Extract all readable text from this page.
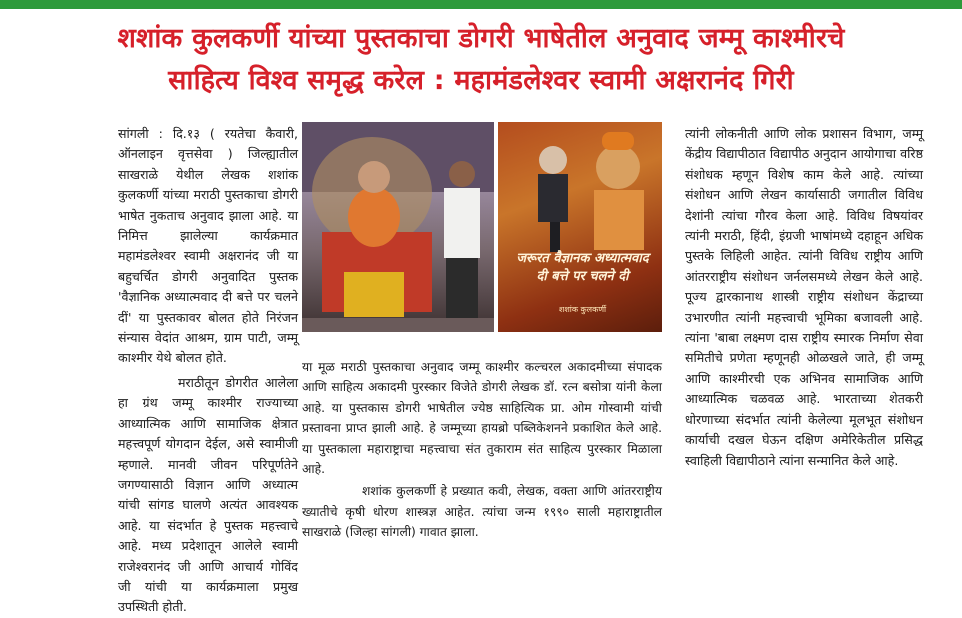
शशांक कुलकर्णी यांच्या पुस्तकाचा डोगरी भाषेतील अनुवाद जम्मू काश्मीरचे
साहित्य विश्व समृद्ध करेल : महामंडलेश्वर स्वामी अक्षरानंद गिरी

सांगली : दि.१३ ( रयतेचा कैवारी, ऑनलाइन वृत्तसेवा ) जिल्ह्यातील साखराळे येथील लेखक शशांक कुलकर्णी यांच्या मराठी पुस्तकाचा डोगरी भाषेत नुकताच अनुवाद झाला आहे. या निमित्त झालेल्या कार्यक्रमात महामंडलेश्वर स्वामी अक्षरानंद जी या बहुचर्चित डोगरी अनुवादित पुस्तक 'वैज्ञानिक अध्यात्मवाद दी बत्ते पर चलने दीं' या पुस्तकावर बोलत होते निरंजन संन्यास वेदांत आश्रम, ग्राम पाटी, जम्मू काश्मीर येथे बोलत होते.

मराठीतून डोगरीत आलेला हा ग्रंथ जम्मू काश्मीर राज्याच्या आध्यात्मिक आणि सामाजिक क्षेत्रात महत्त्वपूर्ण योगदान देईल, असे स्वामीजी म्हणाले. मानवी जीवन परिपूर्णतेने जगण्यासाठी विज्ञान आणि अध्यात्म यांची सांगड घालणे अत्यंत आवश्यक आहे. या संदर्भात हे पुस्तक महत्त्वाचे आहे. मध्य प्रदेशातून आलेले स्वामी राजेश्वरानंद जी आणि आचार्य गोविंद जी यांची या कार्यक्रमाला प्रमुख उपस्थिती होती.

जरूरत वैज्ञानक अध्यात्मवाद दी बत्ते पर चलने दी
शशांक कुलकर्णी

या मूळ मराठी पुस्तकाचा अनुवाद जम्मू काश्मीर कल्चरल अकादमीच्या संपादक आणि साहित्य अकादमी पुरस्कार विजेते डोगरी लेखक डॉ. रत्न बसोत्रा यांनी केला आहे. या पुस्तकास डोगरी भाषेतील ज्येष्ठ साहित्यिक प्रा. ओम गोस्वामी यांची प्रस्तावना प्राप्त झाली आहे. हे जम्मूच्या हायब्रो पब्लिकेशनने प्रकाशित केले आहे. या पुस्तकाला महाराष्ट्राचा महत्त्वाचा संत तुकाराम संत साहित्य पुरस्कार मिळाला आहे.

शशांक कुलकर्णी हे प्रख्यात कवी, लेखक, वक्ता आणि आंतरराष्ट्रीय ख्यातीचे कृषी धोरण शास्त्रज्ञ आहेत. त्यांचा जन्म १९९० साली महाराष्ट्रातील साखराळे (जिल्हा सांगली) गावात झाला.

त्यांनी लोकनीती आणि लोक प्रशासन विभाग, जम्मू केंद्रीय विद्यापीठात विद्यापीठ अनुदान आयोगाचा वरिष्ठ संशोधक म्हणून विशेष काम केले आहे. त्यांच्या संशोधन आणि लेखन कार्यासाठी जगातील विविध देशांनी त्यांचा गौरव केला आहे. विविध विषयांवर त्यांनी मराठी, हिंदी, इंग्रजी भाषांमध्ये दहाहून अधिक पुस्तके लिहिली आहेत. त्यांनी विविध राष्ट्रीय आणि आंतरराष्ट्रीय संशोधन जर्नलसमध्ये लेखन केले आहे. पूज्य द्वारकानाथ शास्त्री राष्ट्रीय संशोधन केंद्राच्या उभारणीत त्यांनी महत्त्वाची भूमिका बजावली आहे. त्यांना 'बाबा लक्ष्मण दास राष्ट्रीय स्मारक निर्माण सेवा समितीचे प्रणेता म्हणूनही ओळखले जाते, ही जम्मू आणि काश्मीरची एक अभिनव सामाजिक आणि आध्यात्मिक चळवळ आहे. भारताच्या शेतकरी धोरणाच्या संदर्भात त्यांनी केलेल्या मूलभूत संशोधन कार्याची दखल घेऊन दक्षिण अमेरिकेतील प्रसिद्ध स्वाहिली विद्यापीठाने त्यांना सन्मानित केले आहे.
